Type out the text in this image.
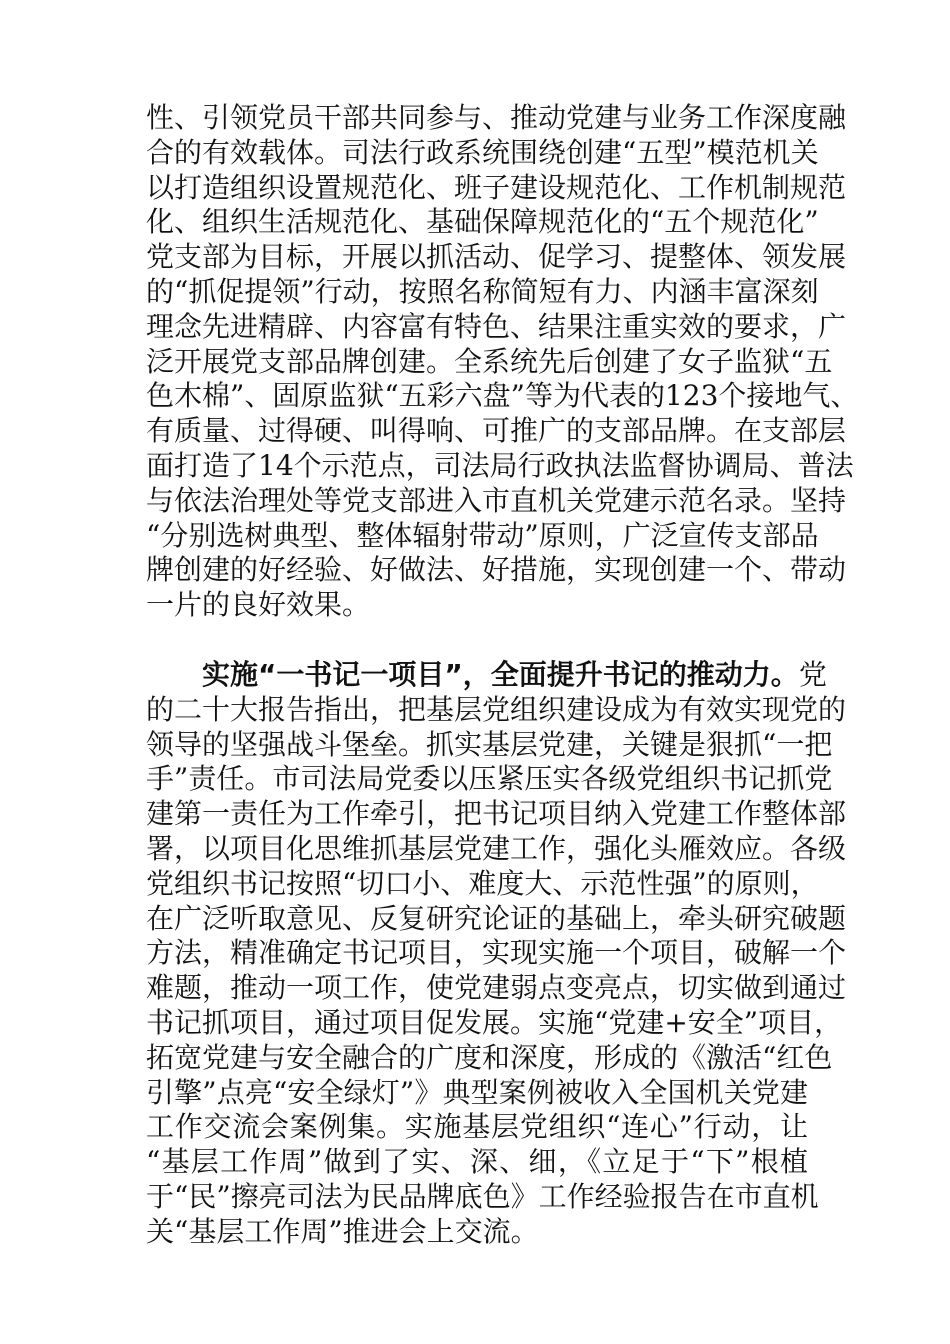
性、引领党员干部共同参与、推动党建与业务工作深度融
合的有效载体。司法行政系统围绕创建“五型”模范机关
以打造组织设置规范化、班子建设规范化、工作机制规范
化、组织生活规范化、基础保障规范化的“五个规范化”
党支部为目标，开展以抓活动、促学习、提整体、领发展
的“抓促提领”行动，按照名称简短有力、内涵丰富深刻
理念先进精辟、内容富有特色、结果注重实效的要求，广
泛开展党支部品牌创建。全系统先后创建了女子监狱“五
色木棉”、固原监狱“五彩六盘”等为代表的123个接地气、
有质量、过得硬、叫得响、可推广的支部品牌。在支部层
面打造了14个示范点，司法局行政执法监督协调局、普法
与依法治理处等党支部进入市直机关党建示范名录。坚持
“分别选树典型、整体辐射带动”原则，广泛宣传支部品
牌创建的好经验、好做法、好措施，实现创建一个、带动
一片的良好效果。
实施“一书记一项目”，全面提升书记的推动力。党
的二十大报告指出，把基层党组织建设成为有效实现党的
领导的坚强战斗堡垒。抓实基层党建，关键是狠抓“一把
手”责任。市司法局党委以压紧压实各级党组织书记抓党
建第一责任为工作牵引，把书记项目纳入党建工作整体部
署，以项目化思维抓基层党建工作，强化头雁效应。各级
党组织书记按照“切口小、难度大、示范性强”的原则，
在广泛听取意见、反复研究论证的基础上，牵头研究破题
方法，精准确定书记项目，实现实施一个项目，破解一个
难题，推动一项工作，使党建弱点变亮点，切实做到通过
书记抓项目，通过项目促发展。实施“党建+安全”项目，
拓宽党建与安全融合的广度和深度，形成的《激活“红色
引擎”点亮“安全绿灯”》典型案例被收入全国机关党建
工作交流会案例集。实施基层党组织“连心”行动，让
“基层工作周”做到了实、深、细，《立足于“下”根植
于“民”擦亮司法为民品牌底色》工作经验报告在市直机
关“基层工作周”推进会上交流。
